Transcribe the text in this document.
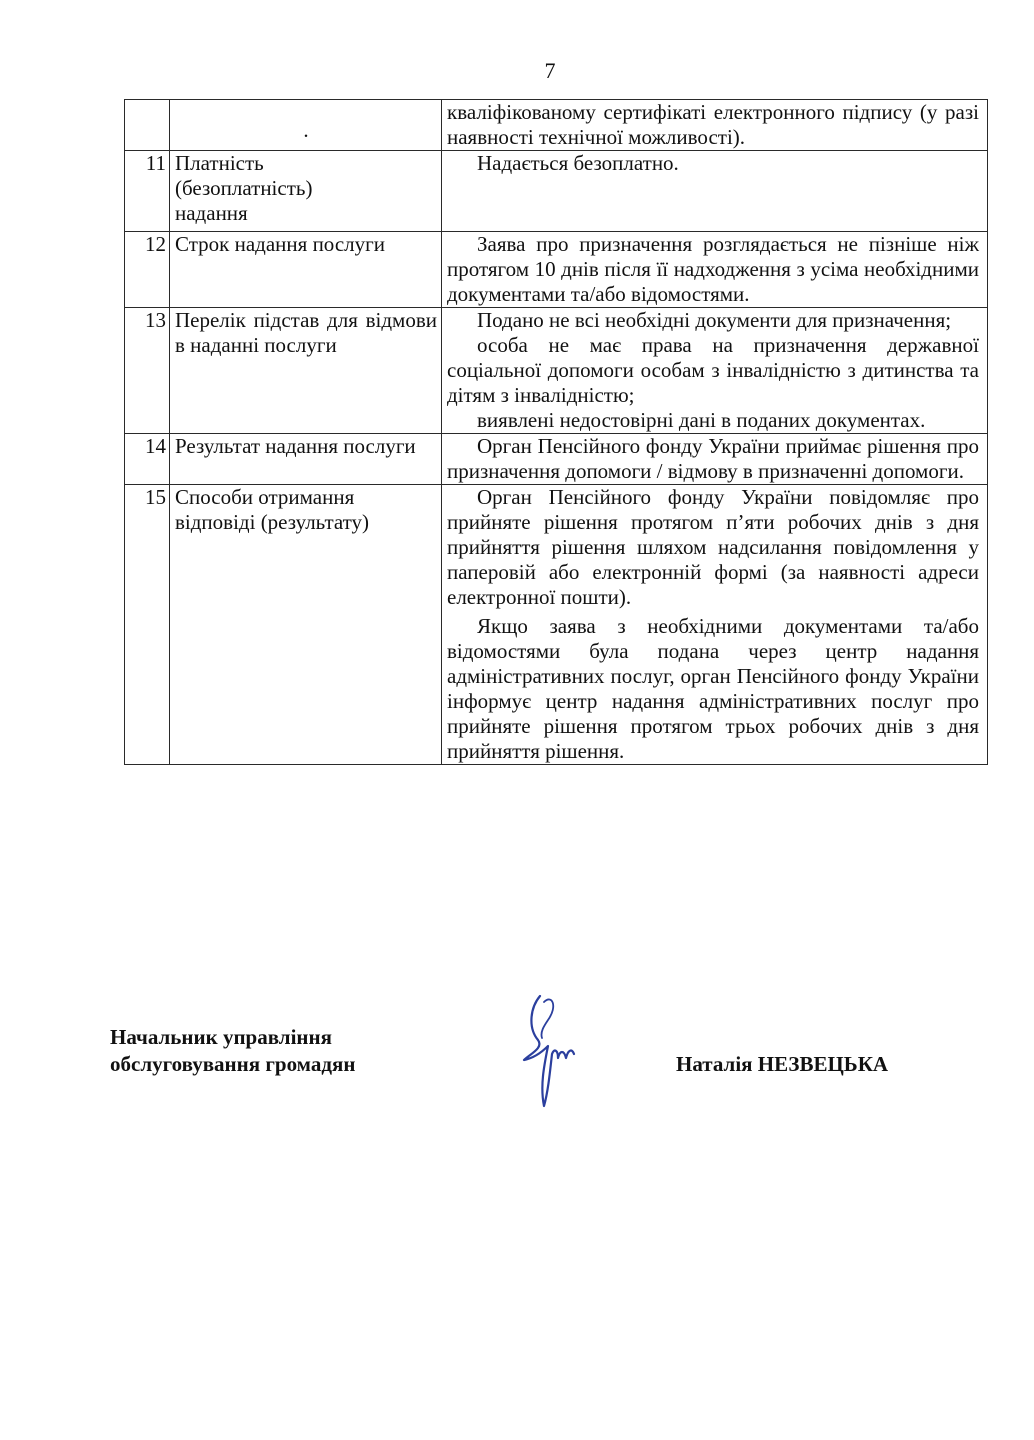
7
	.	кваліфікованому сертифікаті електронного підпису (у разі наявності технічної можливості).

11	Платність (безоплатність) надання	Надається безоплатно.

12	Строк надання послуги	Заява про призначення розглядається не пізніше ніж протягом 10 днів після її надходження з усіма необхідними документами та/або відомостями.

13	Перелік підстав для відмови в наданні послуги	Подано не всі необхідні документи для призначення;

особа не має права на призначення державної соціальної допомоги особам з інвалідністю з дитинства та дітям з інвалідністю;

виявлені недостовірні дані в поданих документах.

14	Результат надання послуги	Орган Пенсійного фонду України приймає рішення про призначення допомоги / відмову в призначенні допомоги.

15	Способи отримання відповіді (результату)	Орган Пенсійного фонду України повідомляє про прийняте рішення протягом п’яти робочих днів з дня прийняття рішення шляхом надсилання повідомлення у паперовій або електронній формі (за наявності адреси електронної пошти).

Якщо заява з необхідними документами та/або відомостями була подана через центр надання адміністративних послуг, орган Пенсійного фонду України інформує центр надання адміністративних послуг про прийняте рішення протягом трьох робочих днів з дня прийняття рішення.

Начальник управління
обслуговування громадян	Наталія НЕЗВЕЦЬКА
